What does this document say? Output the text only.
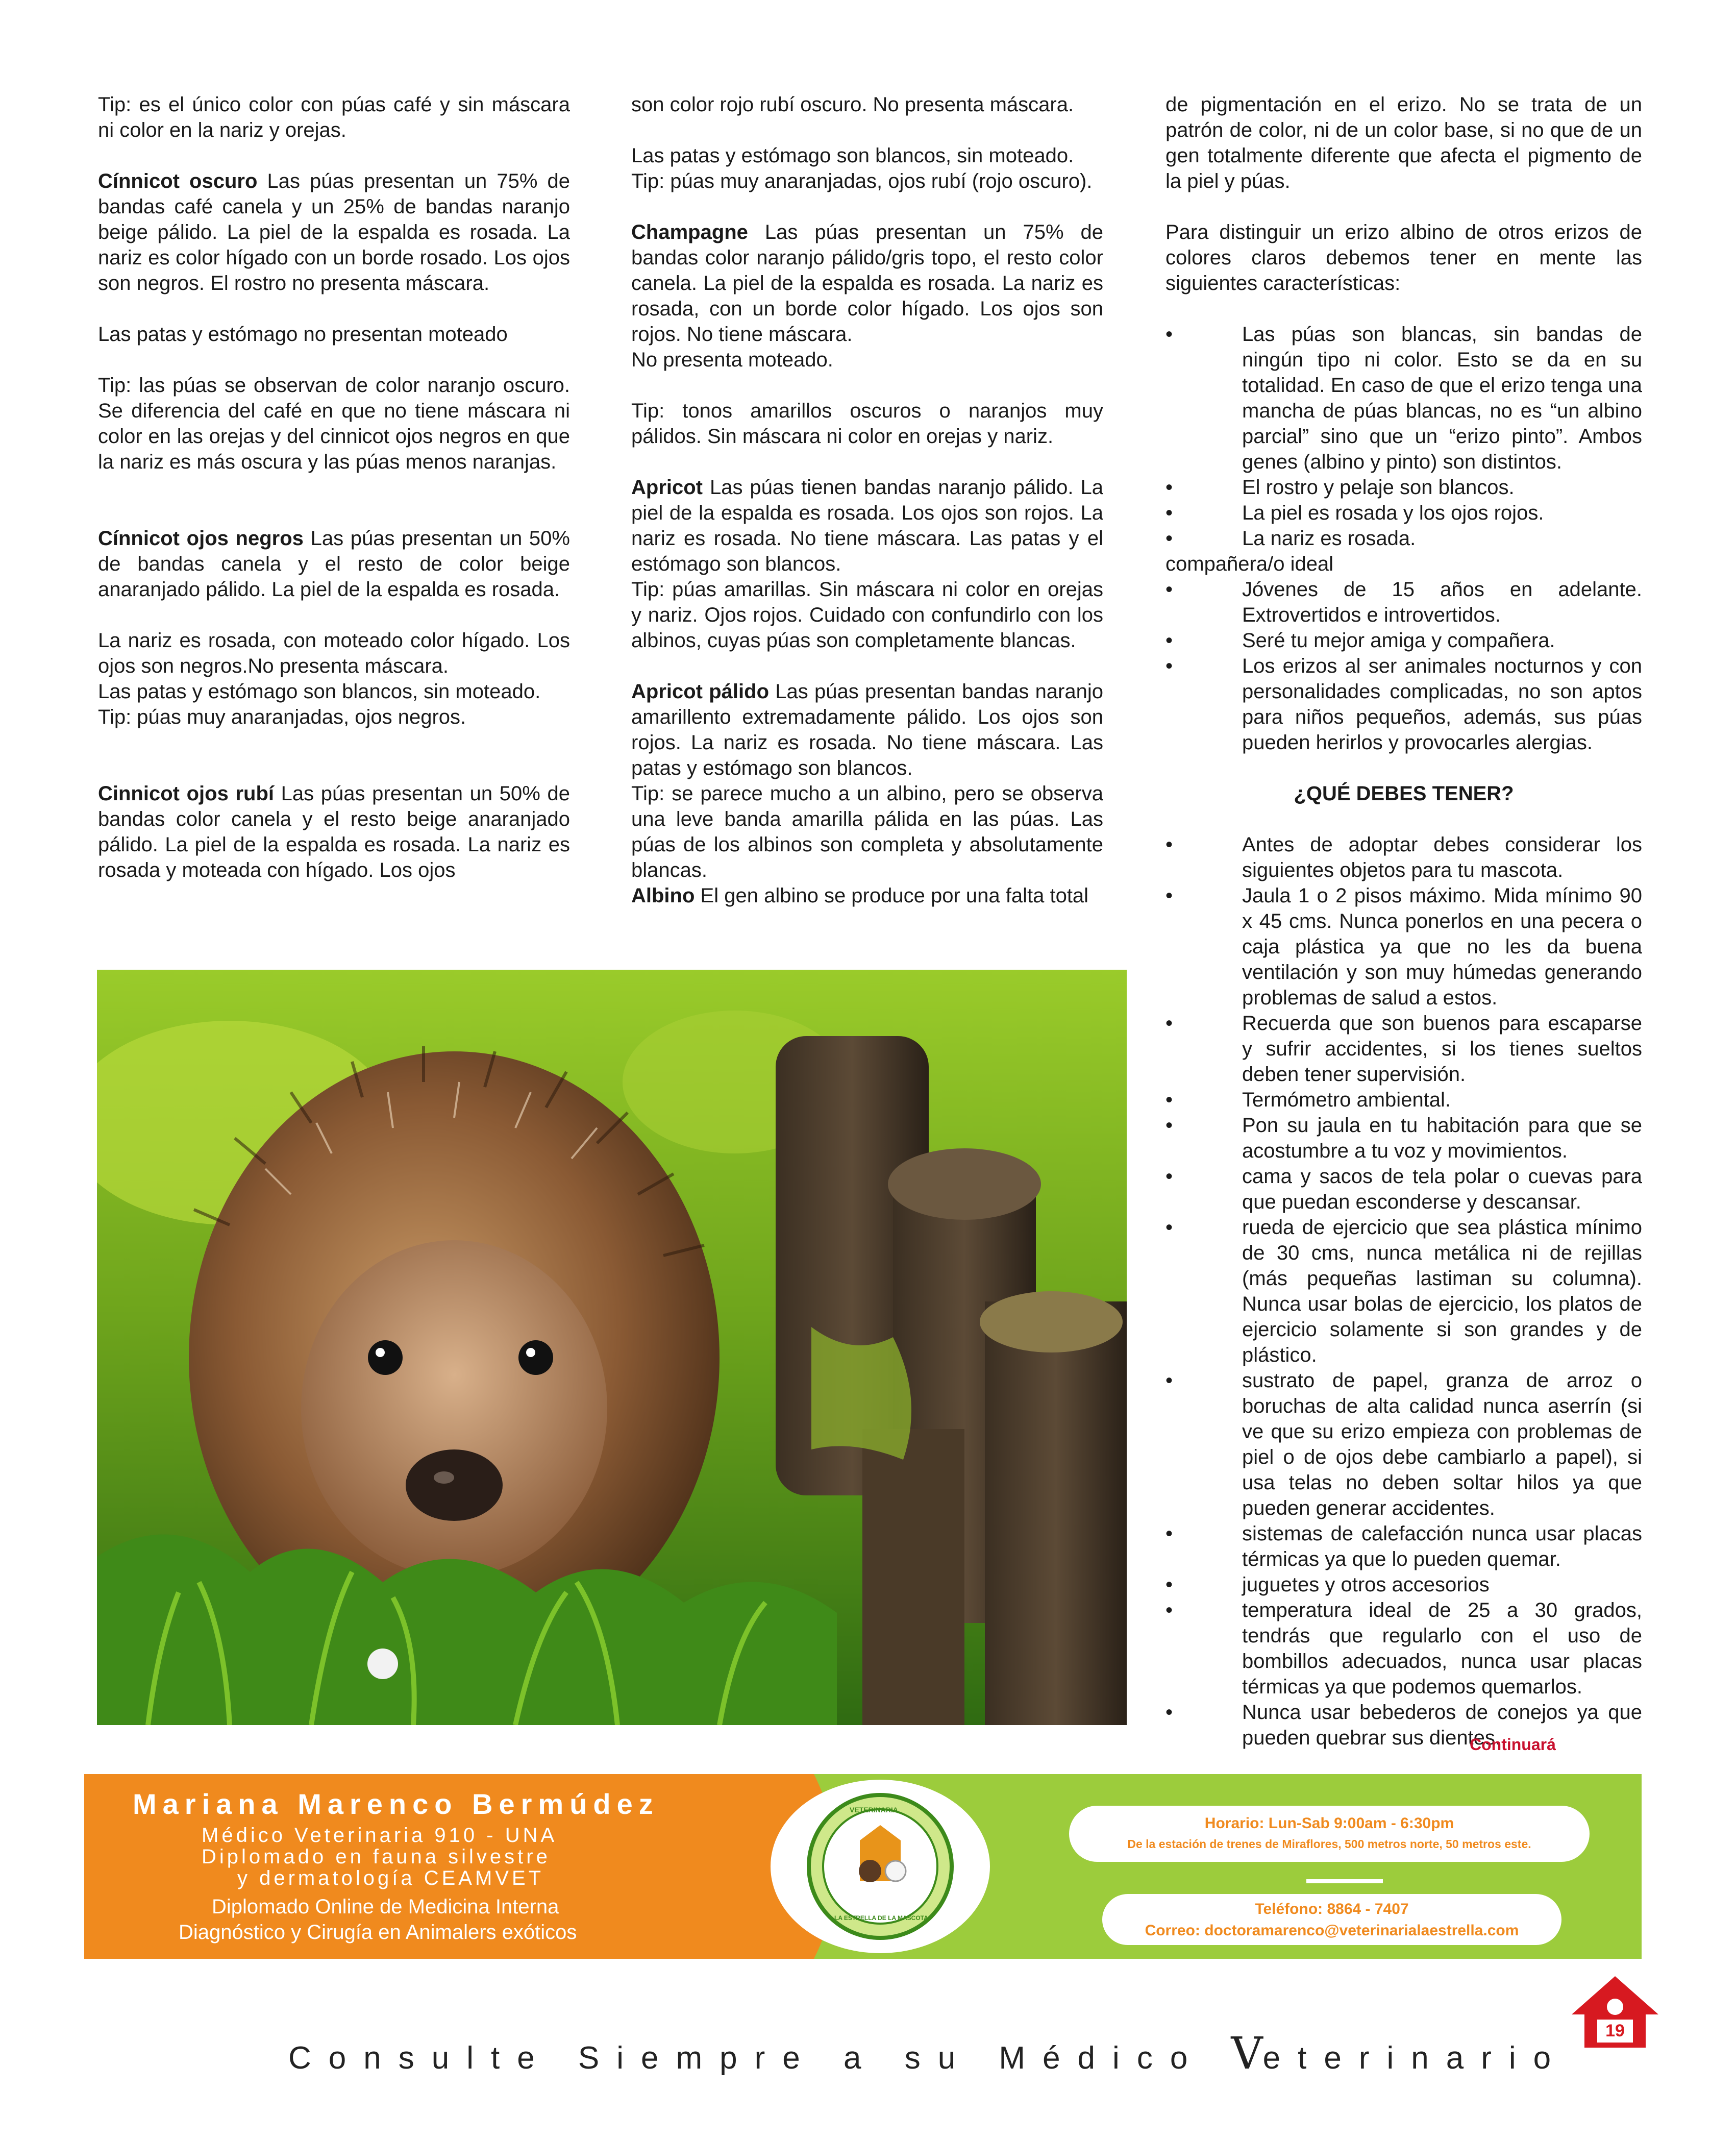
Tip: es el único color con púas café y sin máscara ni color en la nariz y orejas.

Cínnicot oscuro Las púas presentan un 75% de bandas café canela y un 25% de bandas naranjo beige pálido. La piel de la espalda es rosada. La nariz es color hígado con un borde rosado. Los ojos son negros. El rostro no presenta máscara.

Las patas y estómago no presentan moteado

Tip: las púas se observan de color naranjo oscuro. Se diferencia del café en que no tiene máscara ni color en las orejas y del cinnicot ojos negros en que la nariz es más oscura y las púas menos naranjas.

Cínnicot ojos negros Las púas presentan un 50% de bandas canela y el resto de color beige anaranjado pálido. La piel de la espalda es rosada.

La nariz es rosada, con moteado color hígado. Los ojos son negros.No presenta máscara.

Las patas y estómago son blancos, sin moteado.

Tip: púas muy anaranjadas, ojos negros.

Cinnicot ojos rubí Las púas presentan un 50% de bandas color canela y el resto beige anaranjado pálido. La piel de la espalda es rosada. La nariz es rosada y moteada con hígado. Los ojos

son color rojo rubí oscuro. No presenta máscara.

Las patas y estómago son blancos, sin moteado.

Tip: púas muy anaranjadas, ojos rubí (rojo oscuro).

Champagne Las púas presentan un 75% de bandas color naranjo pálido/gris topo, el resto color canela. La piel de la espalda es rosada. La nariz es rosada, con un borde color hígado. Los ojos son rojos. No tiene máscara.

No presenta moteado.

Tip: tonos amarillos oscuros o naranjos muy pálidos. Sin máscara ni color en orejas y nariz.

Apricot Las púas tienen bandas naranjo pálido. La piel de la espalda es rosada. Los ojos son rojos. La nariz es rosada. No tiene máscara. Las patas y el estómago son blancos.

Tip: púas amarillas. Sin máscara ni color en orejas y nariz. Ojos rojos. Cuidado con confundirlo con los albinos, cuyas púas son completamente blancas.

Apricot pálido Las púas presentan bandas naranjo amarillento extremadamente pálido. Los ojos son rojos. La nariz es rosada. No tiene máscara. Las patas y estómago son blancos.

Tip: se parece mucho a un albino, pero se observa una leve banda amarilla pálida en las púas. Las púas de los albinos son completa y absolutamente blancas.

Albino El gen albino se produce por una falta total

de pigmentación en el erizo. No se trata de un patrón de color, ni de un color base, si no que de un gen totalmente diferente que afecta el pigmento de la piel y púas.

Para distinguir un erizo albino de otros erizos de colores claros debemos tener en mente las siguientes características:

•	Las púas son blancas, sin bandas de ningún tipo ni color. Esto se da en su totalidad. En caso de que el erizo tenga una mancha de púas blancas, no es “un albino parcial” sino que un “erizo pinto”. Ambos genes (albino y pinto) son distintos.
•	El rostro y pelaje son blancos.
•	La piel es rosada y los ojos rojos.
•	La nariz es rosada.

compañera/o ideal

•	Jóvenes de 15 años en adelante. Extrovertidos e introvertidos.
•	Seré tu mejor amiga y compañera.
•	Los erizos al ser animales nocturnos y con personalidades complicadas, no son aptos para niños pequeños, además, sus púas pueden herirlos y provocarles alergias.

¿QUÉ DEBES TENER?

•	Antes de adoptar debes considerar los siguientes objetos para tu mascota.
•	Jaula 1 o 2 pisos máximo. Mida mínimo 90 x 45 cms. Nunca ponerlos en una pecera o caja plástica ya que no les da buena ventilación y son muy húmedas generando problemas de salud a estos.
•	Recuerda que son buenos para escaparse y sufrir accidentes, si los tienes sueltos deben tener supervisión.
•	Termómetro ambiental.
•	Pon su jaula en tu habitación para que se acostumbre a tu voz y movimientos.
•	cama y sacos de tela polar o cuevas para que puedan esconderse y descansar.
•	rueda de ejercicio que sea plástica mínimo de 30 cms, nunca metálica ni de rejillas (más pequeñas lastiman su columna). Nunca usar bolas de ejercicio, los platos de ejercicio solamente si son grandes y de plástico.
•	sustrato de papel, granza de arroz o boruchas de alta calidad nunca aserrín (si ve que su erizo empieza con problemas de piel o de ojos debe cambiarlo a papel), si usa telas no deben soltar hilos ya que pueden generar accidentes.
•	sistemas de calefacción nunca usar placas térmicas ya que lo pueden quemar.
•	juguetes y otros accesorios
•	temperatura ideal de 25 a 30 grados, tendrás que regularlo con el uso de bombillos adecuados, nunca usar placas térmicas ya que podemos quemarlos.
•	Nunca usar bebederos de conejos ya que pueden quebrar sus dientes.
Continuará
Mariana Marenco Bermúdez
Médico Veterinaria 910 - UNA
Diplomado en fauna silvestre
y dermatología CEAMVET
Diplomado Online de Medicina Interna
Diagnóstico y Cirugía en Animalers exóticos
VETERINARIA
LA ESTRELLA DE LA MASCOTA
Horario: Lun-Sab 9:00am - 6:30pm
De la estación de trenes de Miraflores, 500 metros norte, 50 metros este.
Teléfono: 8864 - 7407
Correo: doctoramarenco@veterinarialaestrella.com
Consulte Siempre a su Médico Veterinario
19
